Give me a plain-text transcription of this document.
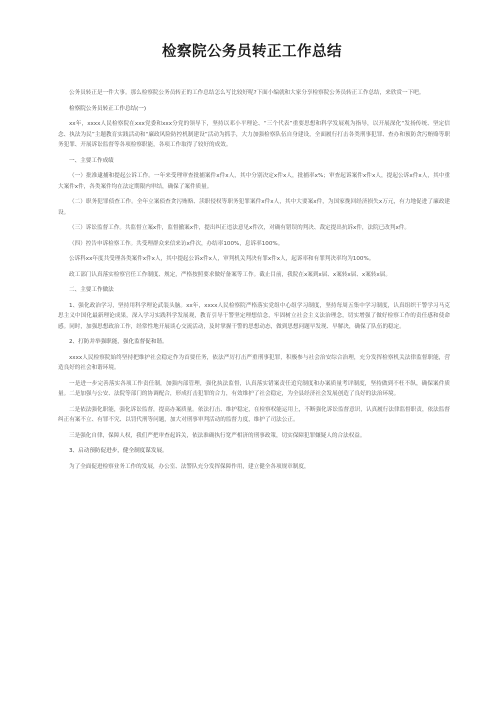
检察院公务员转正工作总结

公务员转正是一件大事。那么检察院公务员转正的工作总结怎么写比较好呢?下面小编就和大家分享检察院公务员转正工作总结，来欣赏一下吧。

检察院公务员转正工作总结(一)

xx年，xxxx人民检察院在xxx党委和xxx分党的领导下，坚持以邓小平理论、“三个代表”重要思想和科学发展观为指导，以开展深化“发扬传统、坚定信念、执法为民”主题教育实践活动和“廉政风险防控机制建设”活动为抓手，大力加强检察队伍自身建设，全面履行打击各类刑事犯罪、查办和预防贪污贿赂等职务犯罪、开展诉讼监督等各项检察职能，各项工作取得了较好的成效。

一、主要工作成绩

（一）批准逮捕和提起公诉工作。一年来受理审查批捕案件x件x人，其中分别决定x件x人，批捕率x%；审查起诉案件x件x人，提起公诉x件x人，其中重大案件x件，各类案件均在法定期限内审结，确保了案件质量。

（二）职务犯罪侦查工作。全年立案侦查贪污贿赂、渎职侵权等职务犯罪案件x件x人，其中大要案x件，为国家挽回经济损失x万元，有力地促进了廉政建设。

（三）诉讼监督工作。共监督立案x件，监督撤案x件，提出纠正违法意见x件次，对确有错误的判决、裁定提出抗诉x件，法院已改判x件。

（四）控告申诉检察工作。共受理群众来信来访x件次，办结率100%，息诉率100%。

公诉科xx年度共受理各类案件x件x人，其中提起公诉x件x人，审判机关判决有罪x件x人，起诉率和有罪判决率均为100%。

政工部门认真落实检察官任工作制度、规定，严格按照要求做好备案等工作。截止目前，我院在x案到x届、x案转x届、x案转x届。

二、主要工作做法

1、强化政治学习，坚持用科学理论武装头脑。xx年，xxxx人民检察院严格落实党组中心组学习制度，坚持每周五集中学习制度，认真组织干警学习马克思主义中国化最新理论成果，深入学习实践科学发展观，教育引导干警坚定理想信念，牢固树立社会主义法治理念，切实增强了做好检察工作的责任感和使命感。同时，加强思想政治工作，经常性地开展谈心交流活动，及时掌握干警的思想动态，做到思想问题早发现、早解决，确保了队伍的稳定。

2、打防并举强职能，强化监督促和谐。

xxxx人民检察院始终坚持把维护社会稳定作为首要任务，依法严厉打击严重刑事犯罪，积极参与社会治安综合治理，充分发挥检察机关法律监督职能，营造良好的社会和谐环境。

一是进一步完善落实各项工作责任制，加强内部管理，强化执法监督，认真落实错案责任追究制度和办案质量考评制度，坚持做到不枉不纵，确保案件质量。二是加强与公安、法院等部门的协调配合，形成打击犯罪的合力，有效维护了社会稳定，为全县经济社会发展创造了良好的法治环境。

二是依法强化职能，强化诉讼监督，提高办案质量。依法打击、维护稳定，在检察权能运用上，不断强化诉讼监督意识，认真履行法律监督职责，依法监督纠正有案不立、有罪不究、以罚代刑等问题，加大对刑事审判活动的监督力度，维护了司法公正。

三是强化自律，保障人权，我们严把审查起诉关，依法准确执行宽严相济的刑事政策，切实保障犯罪嫌疑人的合法权益。

3、启动预防促进步，健全制度谋发展。

为了全面促进检察业务工作的发展，办公室、法警队充分发挥保障作用，建立健全各项规章制度，
